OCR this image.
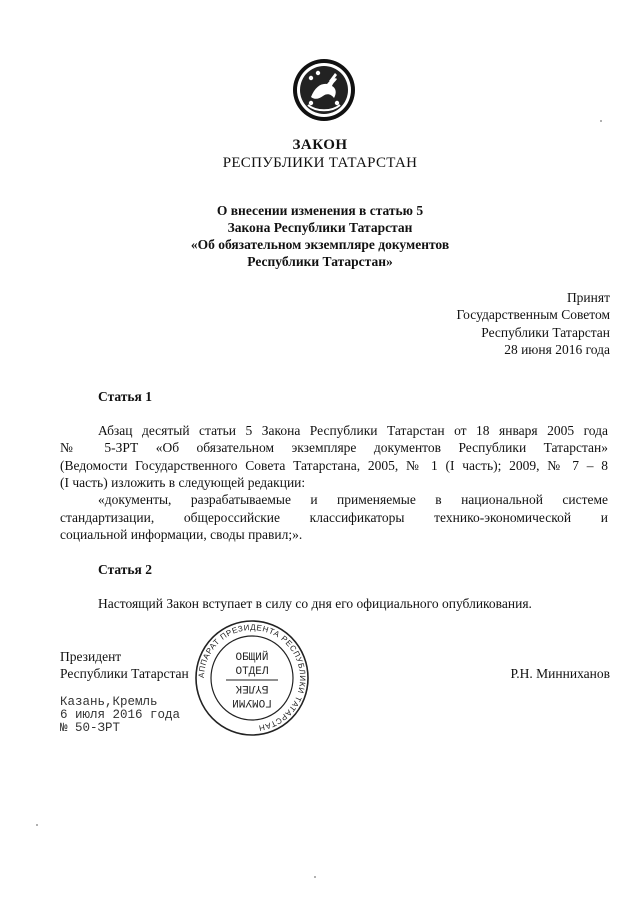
ЗАКОН
РЕСПУБЛИКИ ТАТАРСТАН
О внесении изменения в статью 5
Закона Республики Татарстан
«Об обязательном экземпляре документов
Республики Татарстан»
Принят
Государственным Советом
Республики Татарстан
28 июня 2016 года
Статья 1
Абзац десятый статьи 5 Закона Республики Татарстан от 18 января 2005 года
№ 5-ЗРТ «Об обязательном экземпляре документов Республики Татарстан»
(Ведомости Государственного Совета Татарстана, 2005, № 1 (I часть); 2009, № 7 – 8
(I часть) изложить в следующей редакции:
«документы, разрабатываемые и применяемые в национальной системе
стандартизации, общероссийские классификаторы технико-экономической и
социальной информации, своды правил;».
Статья 2
Настоящий Закон вступает в силу со дня его официального опубликования.
Президент
Республики Татарстан	Р.Н. Минниханов
Казань,Кремль
6 июля 2016 года
№ 50-ЗРТ
АППАРАТ ПРЕЗИДЕНТА РЕСПУБЛИКИ ТАТАРСТАН
ОБЩИЙ
ОТДЕЛ
БҮЛЕК
ГОМУМИ
